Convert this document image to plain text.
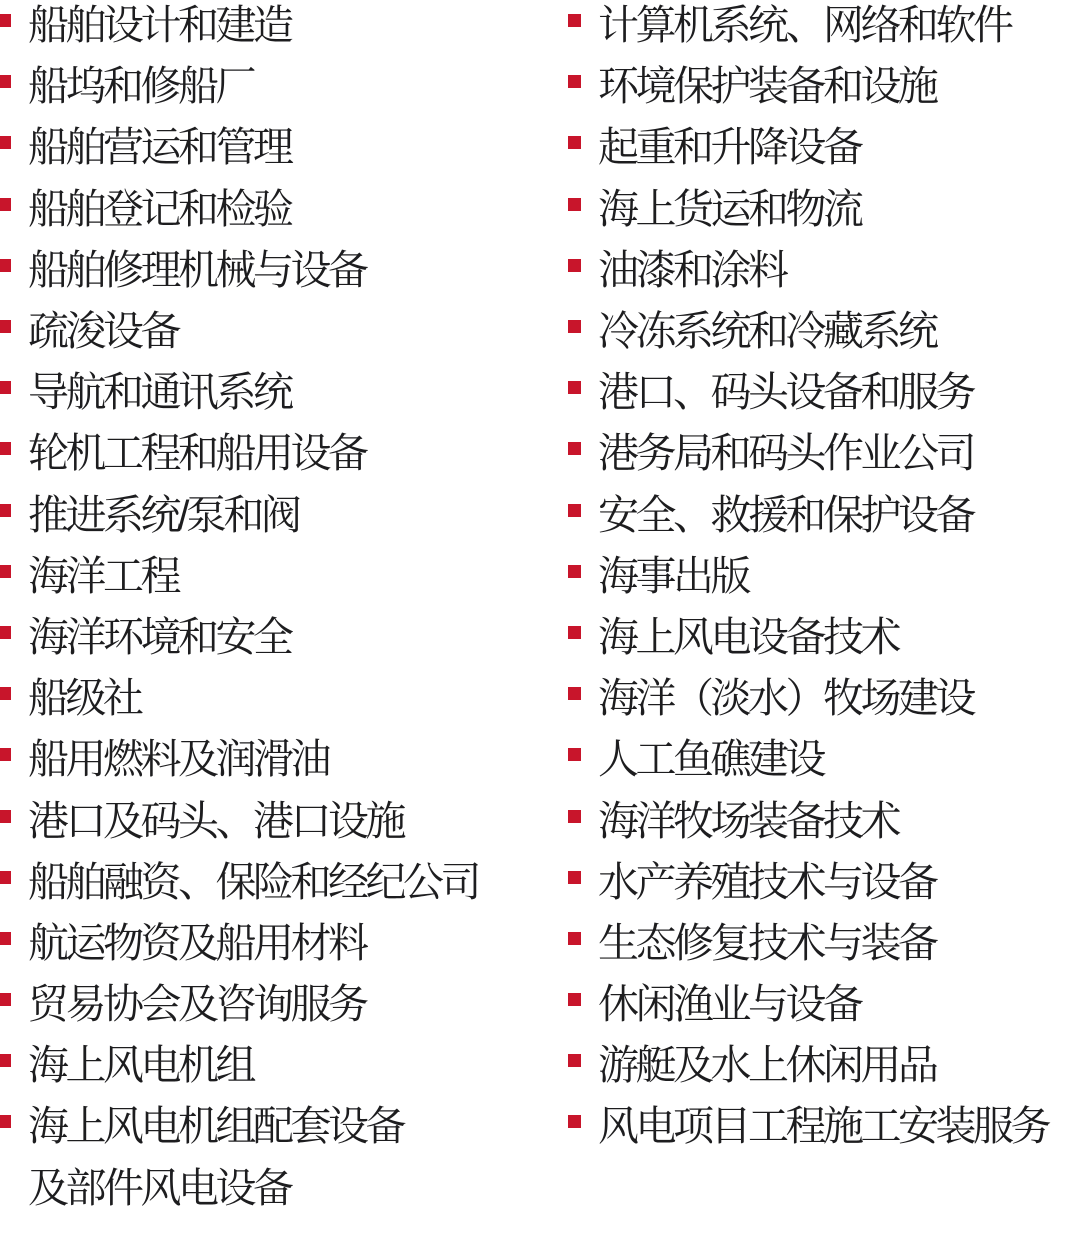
船舶设计和建造
船坞和修船厂
船舶营运和管理
船舶登记和检验
船舶修理机械与设备
疏浚设备
导航和通讯系统
轮机工程和船用设备
推进系统/泵和阀
海洋工程
海洋环境和安全
船级社
船用燃料及润滑油
港口及码头、港口设施
船舶融资、保险和经纪公司
航运物资及船用材料
贸易协会及咨询服务
海上风电机组
海上风电机组配套设备
及部件风电设备
计算机系统、网络和软件
环境保护装备和设施
起重和升降设备
海上货运和物流
油漆和涂料
冷冻系统和冷藏系统
港口、码头设备和服务
港务局和码头作业公司
安全、救援和保护设备
海事出版
海上风电设备技术
海洋（淡水）牧场建设
人工鱼礁建设
海洋牧场装备技术
水产养殖技术与设备
生态修复技术与装备
休闲渔业与设备
游艇及水上休闲用品
风电项目工程施工安装服务
